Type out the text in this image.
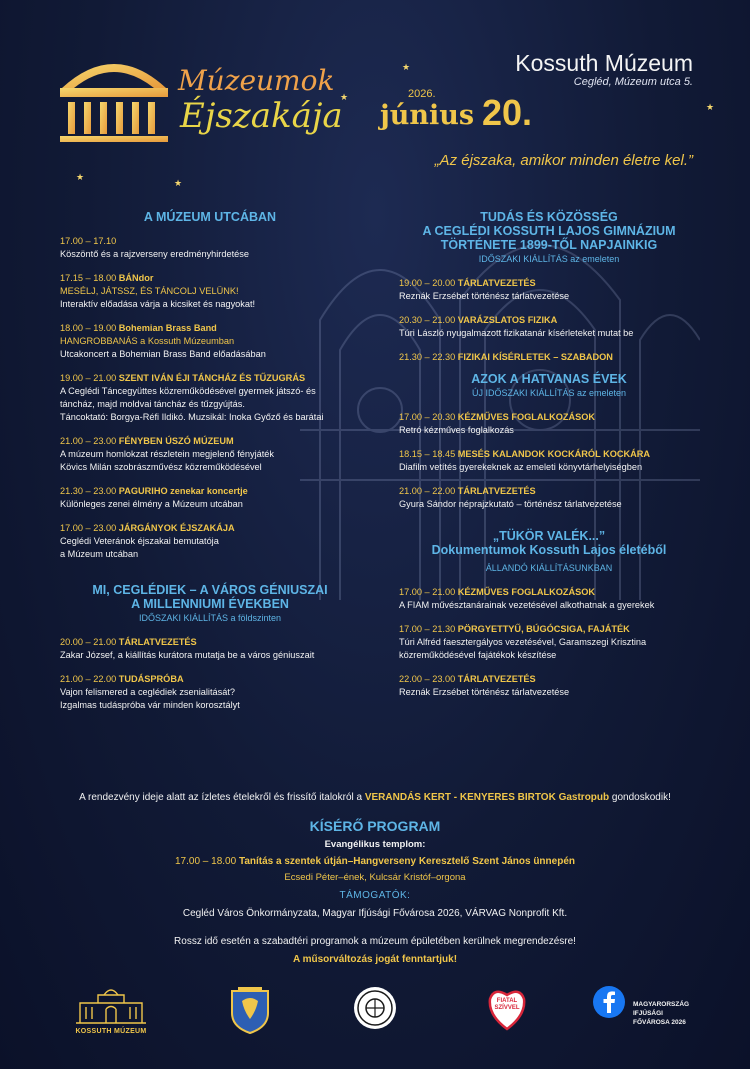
★
★
★
★
★
Múzeumok
Éjszakája
Kossuth Múzeum
Cegléd, Múzeum utca 5.
2026.
június 20.
„Az éjszaka, amikor minden életre kel.”
A MÚZEUM UTCÁBAN
17.00 – 17.10
Köszöntő és a rajzverseny eredményhirdetése
17.15 – 18.00 BÁNdor
MESÉLJ, JÁTSSZ, ÉS TÁNCOLJ VELÜNK!
Interaktív előadása várja a kicsiket és nagyokat!
18.00 – 19.00 Bohemian Brass Band
HANGROBBANÁS a Kossuth Múzeumban
Utcakoncert a Bohemian Brass Band előadásában
19.00 – 21.00 SZENT IVÁN ÉJI TÁNCHÁZ ÉS TŰZUGRÁS
A Ceglédi Táncegyüttes közreműködésével gyermek játszó- és
táncház, majd moldvai táncház és tűzgyújtás.
Táncoktató: Borgya-Réfi Ildikó. Muzsikál: Inoka Győző és barátai
21.00 – 23.00 FÉNYBEN ÚSZÓ MÚZEUM
A múzeum homlokzat részletein megjelenő fényjáték
Kövics Milán szobrászművész közreműködésével
21.30 – 23.00 PAGURIHO zenekar koncertje
Különleges zenei élmény a Múzeum utcában
17.00 – 23.00 JÁRGÁNYOK ÉJSZAKÁJA
Ceglédi Veteránok éjszakai bemutatója
a Múzeum utcában
MI, CEGLÉDIEK – A VÁROS GÉNIUSZAI
A MILLENNIUMI ÉVEKBEN
IDŐSZAKI KIÁLLÍTÁS a földszinten
20.00 – 21.00 TÁRLATVEZETÉS
Zakar József, a kiállítás kurátora mutatja be a város géniuszait
21.00 – 22.00 TUDÁSPRÓBA
Vajon felismered a ceglédiek zsenialitását?
Izgalmas tudáspróba vár minden korosztályt
TUDÁS ÉS KÖZÖSSÉG
A CEGLÉDI KOSSUTH LAJOS GIMNÁZIUM
TÖRTÉNETE 1899-TŐL NAPJAINKIG
IDŐSZAKI KIÁLLÍTÁS az emeleten
19.00 – 20.00 TÁRLATVEZETÉS
Reznák Erzsébet történész tárlatvezetése
20.30 – 21.00 VARÁZSLATOS FIZIKA
Túri László nyugalmazott fizikatanár kísérleteket mutat be
21.30 – 22.30 FIZIKAI KÍSÉRLETEK – SZABADON
AZOK A HATVANAS ÉVEK
ÚJ IDŐSZAKI KIÁLLÍTÁS az emeleten
17.00 – 20.30 KÉZMŰVES FOGLALKOZÁSOK
Retró kézműves foglalkozás
18.15 – 18.45 MESÉS KALANDOK KOCKÁRÓL KOCKÁRA
Diafilm vetítés gyerekeknek az emeleti könyvtárhelyiségben
21.00 – 22.00 TÁRLATVEZETÉS
Gyura Sándor néprajzkutató – történész tárlatvezetése
„TÜKÖR VALÉK...”
Dokumentumok Kossuth Lajos életéből
ÁLLANDÓ KIÁLLÍTÁSUNKBAN
17.00 – 21.00 KÉZMŰVES FOGLALKOZÁSOK
A FIAM művésztanárainak vezetésével alkothatnak a gyerekek
17.00 – 21.30 PÖRGYETTYŰ, BÚGÓCSIGA, FAJÁTÉK
Túri Alfréd faesztergályos vezetésével, Garamszegi Krisztina
közreműködésével fajátékok készítése
22.00 – 23.00 TÁRLATVEZETÉS
Reznák Erzsébet történész tárlatvezetése
A rendezvény ideje alatt az ízletes ételekről és frissítő italokról a VERANDÁS KERT - KENYERES BIRTOK Gastropub gondoskodik!
KÍSÉRŐ PROGRAM
Evangélikus templom:
17.00 – 18.00 Tanítás a szentek útján–Hangverseny Keresztelő Szent János ünnepén
Ecsedi Péter–ének, Kulcsár Kristóf–orgona
TÁMOGATÓK:
Cegléd Város Önkormányzata, Magyar Ifjúsági Fővárosa 2026, VÁRVAG Nonprofit Kft.
Rossz idő esetén a szabadtéri programok a múzeum épületében kerülnek megrendezésre!
A műsorváltozás jogát fenntartjuk!
KOSSUTH MÚZEUM
FIATAL SZÍVVEL	MAGYARORSZÁG
IFJÚSÁGI
FŐVÁROSA 2026
